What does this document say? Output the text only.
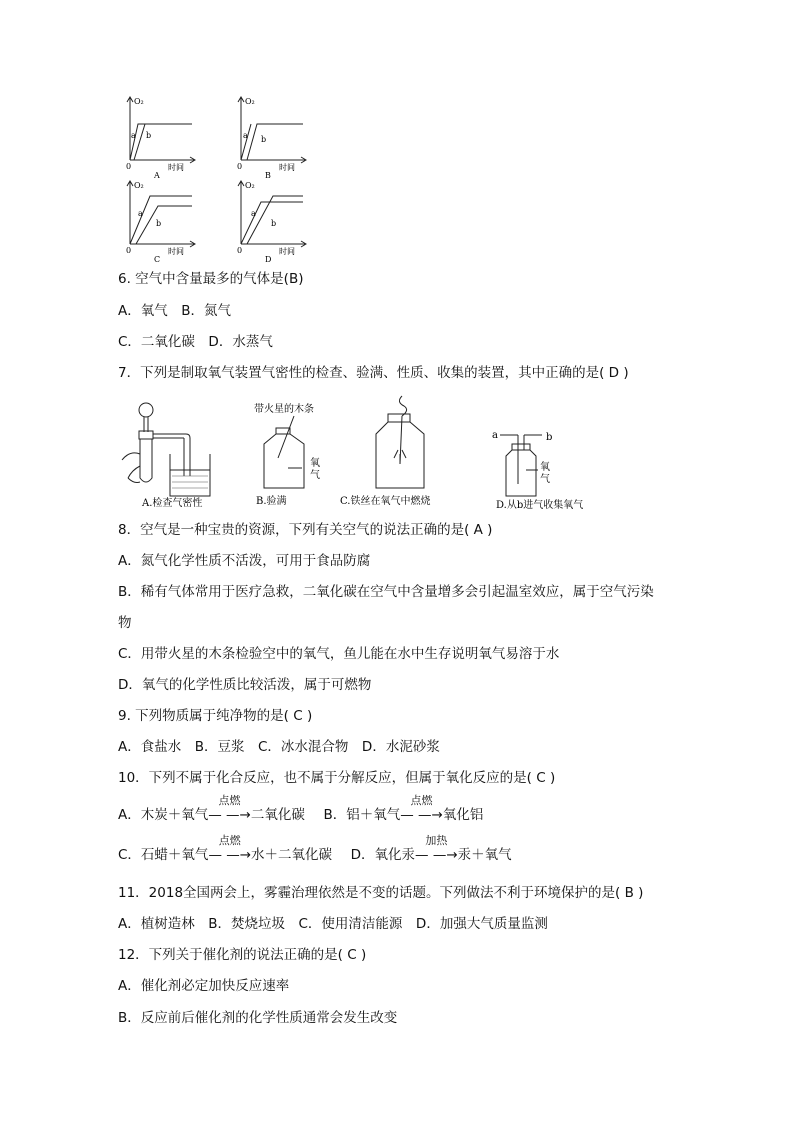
O₂
0	时间
a b
A
O₂
0	时间
a b
B
O₂
0	时间
a
b
C
O₂
0	时间
a
b
D
6. 空气中含量最多的气体是(B)
A．氧气　B．氮气
C．二氧化碳　D．水蒸气
7．下列是制取氧气装置气密性的检查、验满、性质、收集的装置，其中正确的是( D )
A.检查气密性
带火星的木条
氧
气
B.验满	C.铁丝在氧气中燃烧
a	b
氧
气
D.从b进气收集氧气
8．空气是一种宝贵的资源，下列有关空气的说法正确的是( A )
A．氮气化学性质不活泼，可用于食品防腐
B．稀有气体常用于医疗急救，二氧化碳在空气中含量增多会引起温室效应，属于空气污染
物
C．用带火星的木条检验空中的氧气，鱼儿能在水中生存说明氧气易溶于水
D．氧气的化学性质比较活泼，属于可燃物
9. 下列物质属于纯净物的是( C )
A．食盐水　B．豆浆　C．冰水混合物　D．水泥砂浆
10．下列不属于化合反应，也不属于分解反应，但属于氧化反应的是( C )
A．木炭＋氧气
点燃
— —→二氧化碳 B．铝＋氧气
点燃
— —→氧化铝
C．石蜡＋氧气
点燃
— —→水＋二氧化碳 D．氧化汞
加热
— —→汞＋氧气
11．2018全国两会上，雾霾治理依然是不变的话题。下列做法不利于环境保护的是( B )
A．植树造林　B．焚烧垃圾　C．使用清洁能源　D．加强大气质量监测
12．下列关于催化剂的说法正确的是( C )
A．催化剂必定加快反应速率
B．反应前后催化剂的化学性质通常会发生改变
